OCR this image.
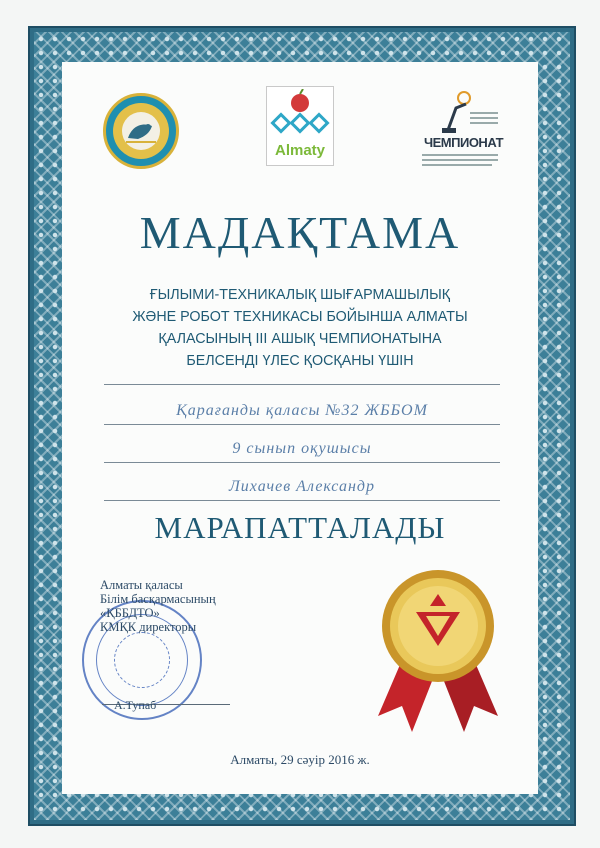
Almaty	ЧЕМПИОНАТ
МАДАҚТАМА
ҒЫЛЫМИ-ТЕХНИКАЛЫҚ ШЫҒАРМАШЫЛЫҚ
ЖӘНЕ РОБОТ ТЕХНИКАСЫ БОЙЫНША АЛМАТЫ
ҚАЛАСЫНЫҢ III АШЫҚ ЧЕМПИОНАТЫНА
БЕЛСЕНДІ ҮЛЕС ҚОСҚАНЫ ҮШІН
Қарағанды қаласы №32 ЖББОМ
9 сынып оқушысы
Лихачев Александр
МАРАПАТТАЛАДЫ
Алматы қаласы
Білім басқармасының
«ҚББДТО»
КМҚК директоры
А.Тупаб
Алматы, 29 сәуір 2016 ж.
